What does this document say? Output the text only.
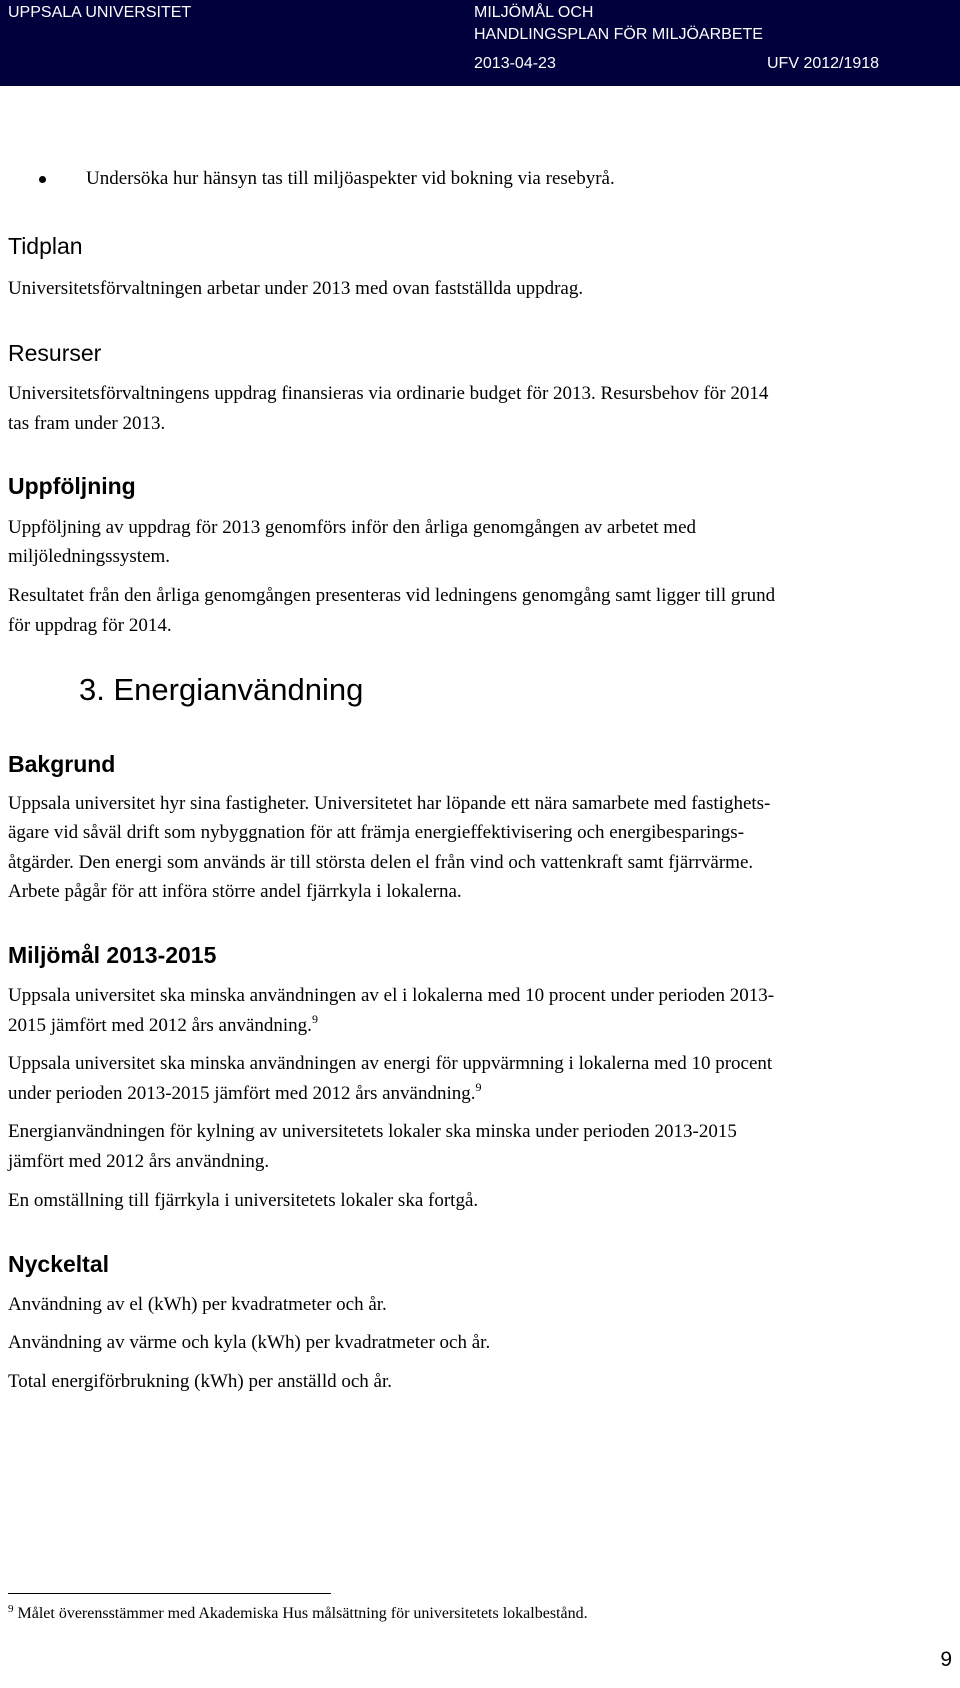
UPPSALA UNIVERSITET	MILJÖMÅL OCH
HANDLINGSPLAN FÖR MILJÖARBETE
2013-04-23	UFV 2012/1918
Undersöka hur hänsyn tas till miljöaspekter vid bokning via resebyrå.
Tidplan
Universitetsförvaltningen arbetar under 2013 med ovan fastställda uppdrag.
Resurser
Universitetsförvaltningens uppdrag finansieras via ordinarie budget för 2013. Resursbehov för 2014
tas fram under 2013.
Uppföljning
Uppföljning av uppdrag för 2013 genomförs inför den årliga genomgången av arbetet med
miljöledningssystem.
Resultatet från den årliga genomgången presenteras vid ledningens genomgång samt ligger till grund
för uppdrag för 2014.
3. Energianvändning
Bakgrund
Uppsala universitet hyr sina fastigheter. Universitetet har löpande ett nära samarbete med fastighets-
ägare vid såväl drift som nybyggnation för att främja energieffektivisering och energibesparings-
åtgärder. Den energi som används är till största delen el från vind och vattenkraft samt fjärrvärme.
Arbete pågår för att införa större andel fjärrkyla i lokalerna.
Miljömål 2013-2015
Uppsala universitet ska minska användningen av el i lokalerna med 10 procent under perioden 2013-
2015 jämfört med 2012 års användning.$^9$
Uppsala universitet ska minska användningen av energi för uppvärmning i lokalerna med 10 procent
under perioden 2013-2015 jämfört med 2012 års användning.$^9$
Energianvändningen för kylning av universitetets lokaler ska minska under perioden 2013-2015
jämfört med 2012 års användning.
En omställning till fjärrkyla i universitetets lokaler ska fortgå.
Nyckeltal
Användning av el (kWh) per kvadratmeter och år.
Användning av värme och kyla (kWh) per kvadratmeter och år.
Total energiförbrukning (kWh) per anställd och år.
$^9$ Målet överensstämmer med Akademiska Hus målsättning för universitetets lokalbestånd.
9
